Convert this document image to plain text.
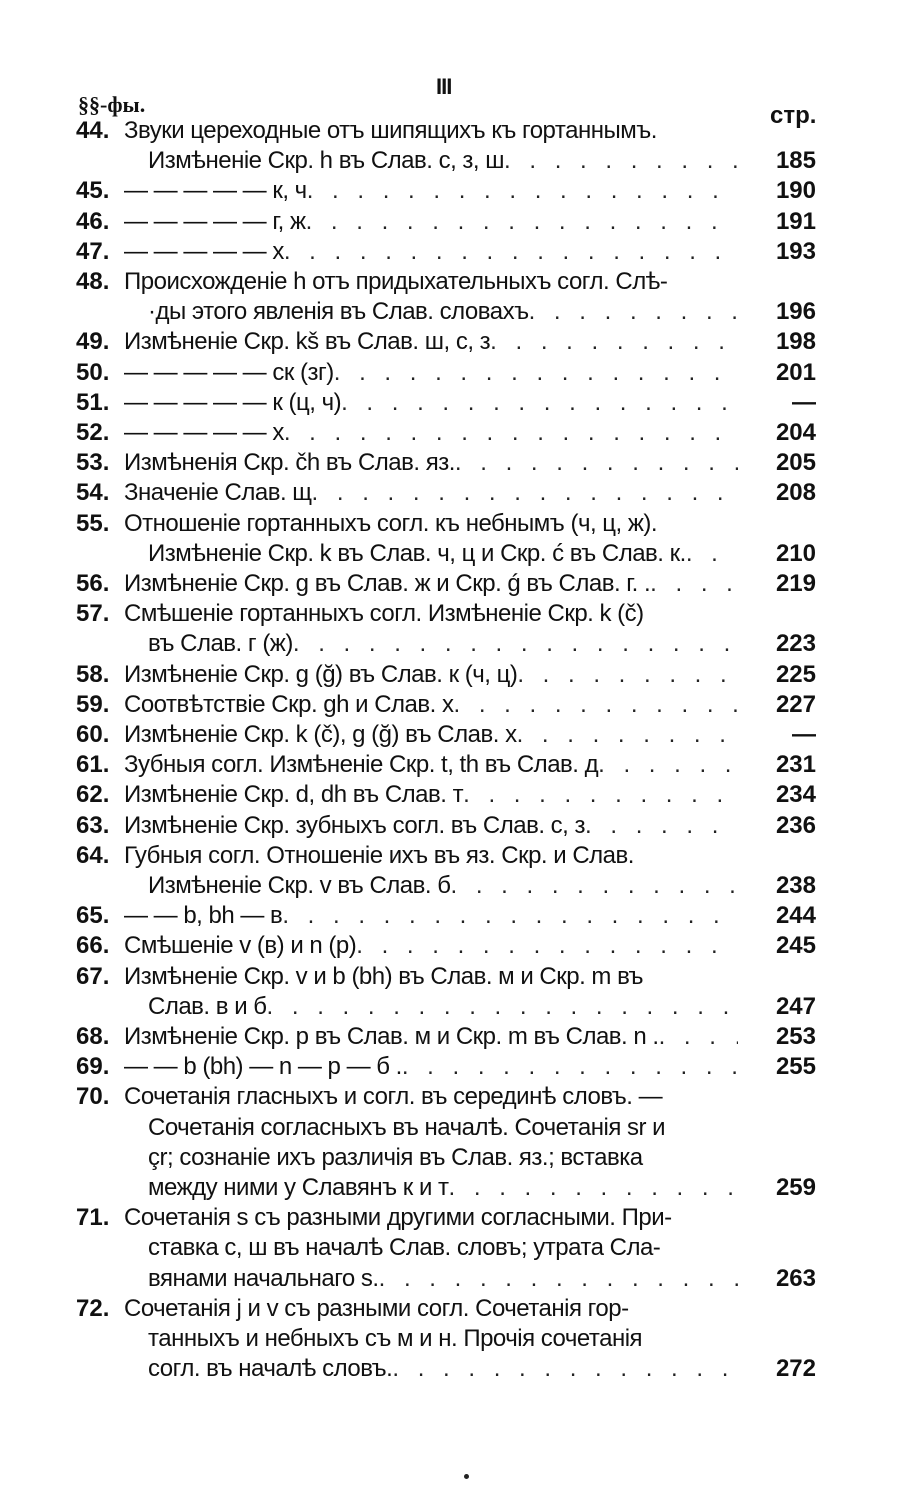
III
§§-фы.	стр.
44. Звуки цереходные отъ шипящихъ къ гортаннымъ.
Измѣненіе Скр. h въ Слав. с, з, ш . . .	185
45. — — — — — к, ч . . .	190
46. — — — — — г, ж . . .	191
47. — — — — — х . . .	193
48. Происхожденіе h отъ придыхательныхъ согл. Слѣ-
·ды этого явленія въ Слав. словахъ . . .	196
49. Измѣненіе Скр. kš въ Слав. ш, с, з . . .	198
50. — — — — — ск (зг) . . .	201
51. — — — — — к (ц, ч) . . .	—
52. — — — — — х . . .	204
53. Измѣненія Скр. čh въ Слав. яз. . . .	205
54. Значеніе Слав. щ . . .	208
55. Отношеніе гортанныхъ согл. къ небнымъ (ч, ц, ж).
Измѣненіе Скр. k въ Слав. ч, ц и Скр. ć въ Слав. к. . . .	210
56. Измѣненіе Скр. g въ Слав. ж и Скр. ǵ въ Слав. г. . . . .	219
57. Смѣшеніе гортанныхъ согл. Измѣненіе Скр. k (č)
въ Слав. г (ж) . . .	223
58. Измѣненіе Скр. g (ğ) въ Слав. к (ч, ц) . . .	225
59. Соотвѣтствіе Скр. gh и Слав. х . . .	227
60. Измѣненіе Скр. k (č), g (ğ) въ Слав. х . . .	—
61. Зубныя согл. Измѣненіе Скр. t, th въ Слав. д . . .	231
62. Измѣненіе Скр. d, dh въ Слав. т . . .	234
63. Измѣненіе Скр. зубныхъ согл. въ Слав. с, з . . .	236
64. Губныя согл. Отношеніе ихъ въ яз. Скр. и Слав.
Измѣненіе Скр. v въ Слав. б . . .	238
65. — — b, bh — в . . .	244
66. Смѣшеніе v (в) и n (р) . . .	245
67. Измѣненіе Скр. v и b (bh) въ Слав. м и Скр. m въ
Слав. в и б . . .	247
68. Измѣненіе Скр. p въ Слав. м и Скр. m въ Слав. n . . . .	253
69. — — b (bh) — n — p — б . . . .	255
70. Сочетанія гласныхъ и согл. въ серединѣ словъ. —
Сочетанія согласныхъ въ началѣ. Сочетанія sr и
çr; сознаніе ихъ различія въ Слав. яз.; вставка
между ними у Славянъ к и т . . .	259
71. Сочетанія s съ разными другими согласными. При-
ставка с, ш въ началѣ Слав. словъ; утрата Сла-
вянами начальнаго s. . . .	263
72. Сочетанія j и v съ разными согл. Сочетанія гор-
танныхъ и небныхъ съ м и н. Прочія сочетанія
согл. въ началѣ словъ. . . .	272
